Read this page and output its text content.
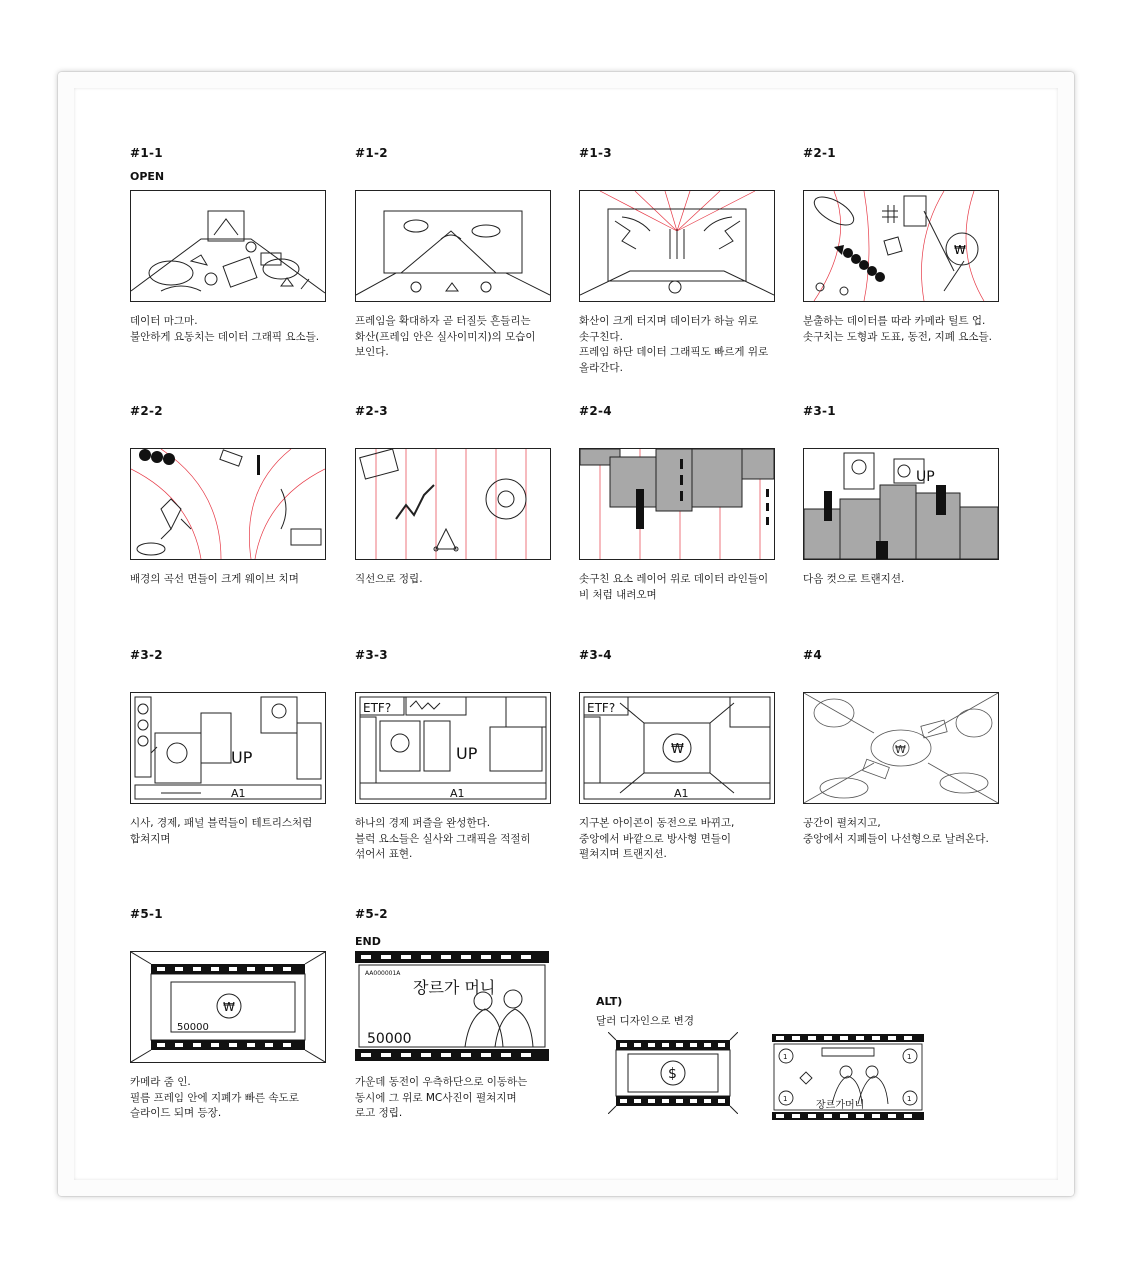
#1-1
OPEN
데이터 마그마.
불안하게 요동치는 데이터 그래픽 요소들.
#1-2
프레임을 확대하자 곧 터질듯 흔들리는
화산(프레임 안은 실사이미지)의 모습이
보인다.
#1-3
화산이 크게 터지며 데이터가 하늘 위로
솟구친다.
프레임 하단 데이터 그래픽도 빠르게 위로
올라간다.
#2-1
₩
분출하는 데이터를 따라 카메라 틸트 업.
솟구치는 도형과 도표, 동전, 지폐 요소들.
#2-2
배경의 곡선 면들이 크게 웨이브 치며
#2-3
직선으로 정립.
#2-4
솟구친 요소 레이어 위로 데이터 라인들이
비 처럼 내려오며
#3-1
UP
다음 컷으로 트랜지션.
#3-2
UP
A1
시사, 경제, 패널 블럭들이 테트리스처럼
합쳐지며
#3-3
ETF?
UP
A1
하나의 경제 퍼즐을 완성한다.
블럭 요소들은 실사와 그래픽을 적절히
섞어서 표현.
#3-4
ETF?
₩
A1
지구본 아이콘이 동전으로 바뀌고,
중앙에서 바깥으로 방사형 면들이
펼쳐지며 트랜지션.
#4
₩
공간이 펼쳐지고,
중앙에서 지폐들이 나선형으로 날려온다.
#5-1
₩
50000
카메라 줌 인.
필름 프레임 안에 지폐가 빠른 속도로
슬라이드 되며 등장.
#5-2
END
AA000001A
장르가 머니
50000
가운데 동전이 우측하단으로 이동하는
동시에 그 위로 MC사진이 펼쳐지며
로고 정립.
ALT)
달러 디자인으로 변경
$
1	1
1	1
장르가머니
